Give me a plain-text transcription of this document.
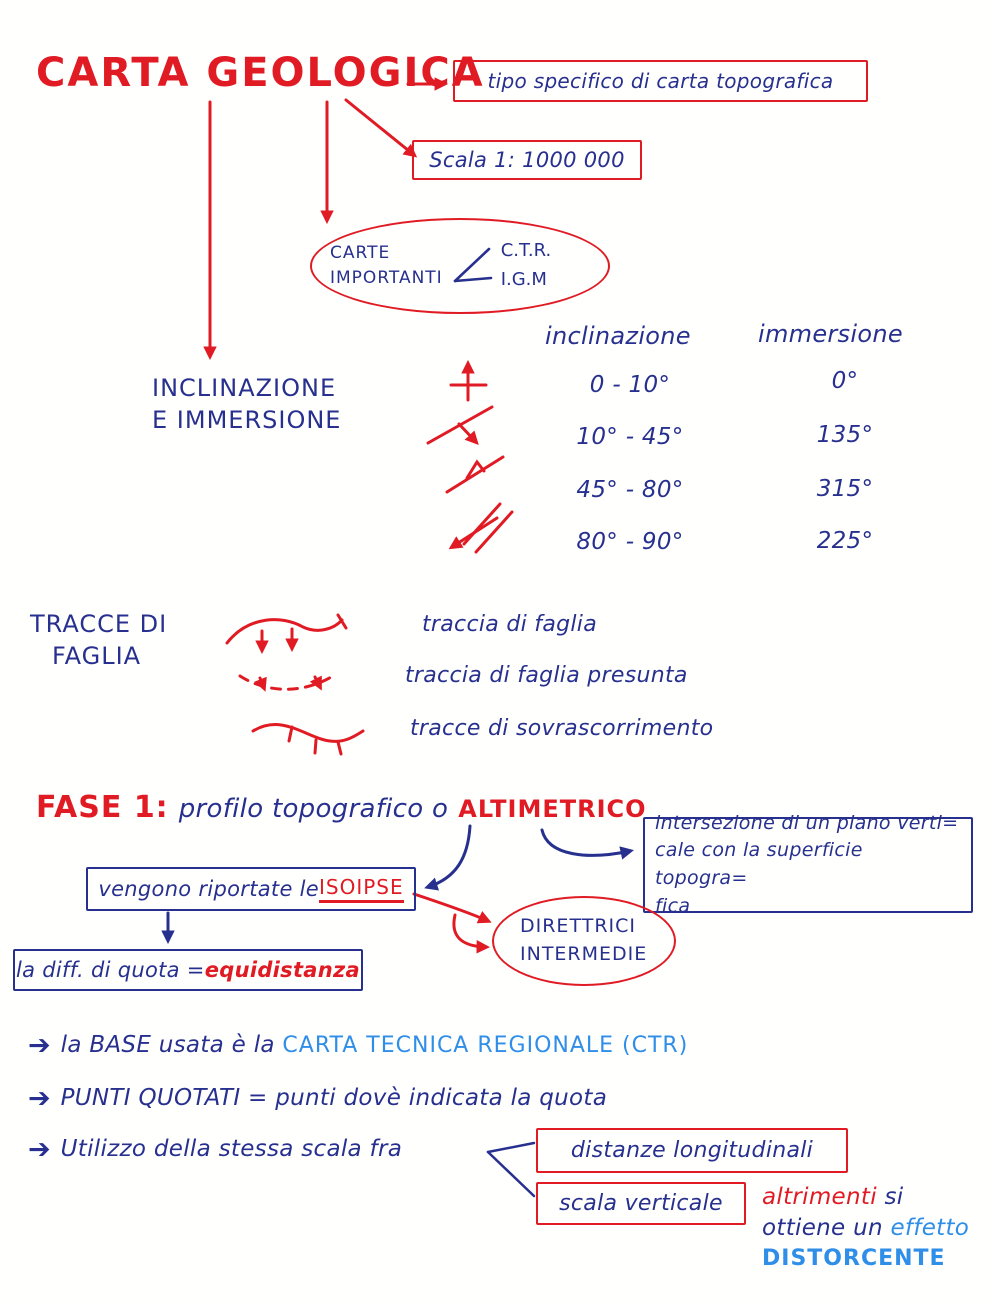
CARTA GEOLOGICA tipo specifico di carta topografica
Scala 1: 1000 000
CARTE
IMPORTANTI
C.T.R.
I.G.M
INCLINAZIONE
E IMMERSIONE
inclinazione	immersione
0 - 10°	0°
10° - 45°	135°
45° - 80°	315°
80° - 90°	225°
TRACCE DI
FAGLIA
traccia di faglia
traccia di faglia presunta
tracce di sovrascorrimento
FASE 1: profilo topografico o ALTIMETRICO intersezione di un piano verti=
cale con la superficie topogra=
fica
vengono riportate le ISOIPSE
DIRETTRICI
INTERMEDIE
la diff. di quota = equidistanza
➔ la BASE usata è la CARTA TECNICA REGIONALE (CTR)
➔ PUNTI QUOTATI = punti dovè indicata la quota
➔ Utilizzo della stessa scala fra	distanze longitudinali
scala verticale altrimenti si
ottiene un effetto
DISTORCENTE
